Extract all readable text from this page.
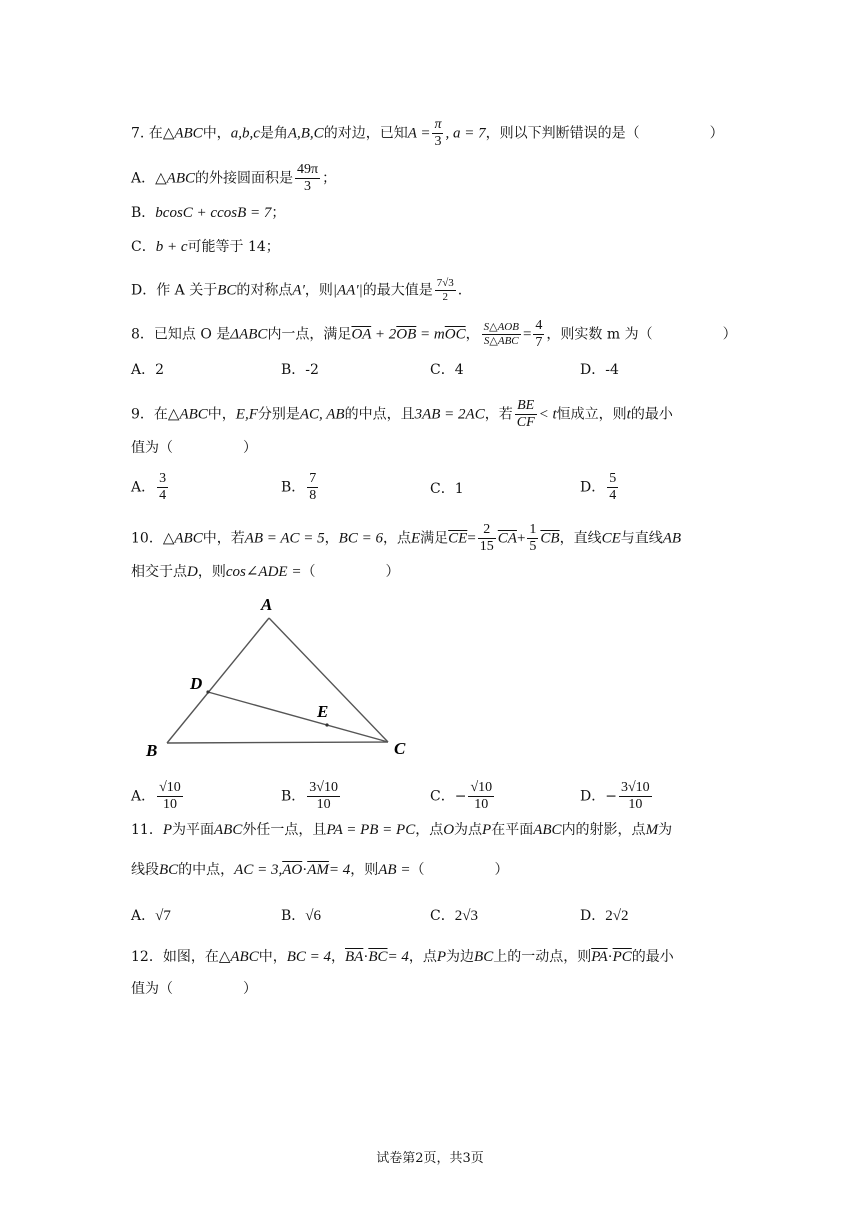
7. 在△ABC中，a,b,c是角A,B,C的对边，已知$A = \frac{\pi}{3}$ , a = 7，则以下判断错误的是（	）
A．△ABC的外接圆面积是 $\frac{49\pi}{3}$ ；
B．bcosC + ccosB = 7；
C．b + c可能等于 14；
D．作 A 关于BC的对称点A′，则|AA′|的最大值是 $\frac{7√3}{2}$ .
8．已知点 O 是ΔABC内一点，满足$\overline{OA} + 2\overline{OB} = m\overline{OC}$， $\frac{\text{S△AOB}}{\text{S△ABC}} = \frac{4}{7}$ ，则实数 m 为（	）
A．2	B．-2	C．4	D．-4
9．在△ABC中，E,F分别是AC, AB的中点，且3AB = 2AC，若 $\frac{BE}{CF} < t$恒成立，则t的最小
值为（	）
A． $\frac{3}{4}$	B． $\frac{7}{8}$	C．1	D． $\frac{5}{4}$
10．△ABC中，若AB = AC = 5，BC = 6，点E满足$\overline{CE}= \frac{2}{15} \overline{CA}+ \frac{1}{5} \overline{CB}$，直线CE与直线AB
相交于点D，则cos∠ADE =（	）
A
B	C
D
E
A． $\frac{√10}{10}$	B． $\frac{3√10}{10}$	C．− $\frac{√10}{10}$	D．− $\frac{3√10}{10}$
11．P为平面ABC外任一点，且PA = PB = PC，点O为点P在平面ABC内的射影，点M为
线段BC的中点，AC = $3,\overline{AO}\cdot\overline{AM}= 4$，则AB =（	）
A．√7	B．√6	C．2√3	D．2√2
12．如图，在△ABC中，BC = 4，$\overline{BA}\cdot\overline{BC}= 4$，点P为边BC上的一动点，则$\overline{PA}\cdot\overline{PC}$的最小
值为（	）
试卷第2页，共3页
